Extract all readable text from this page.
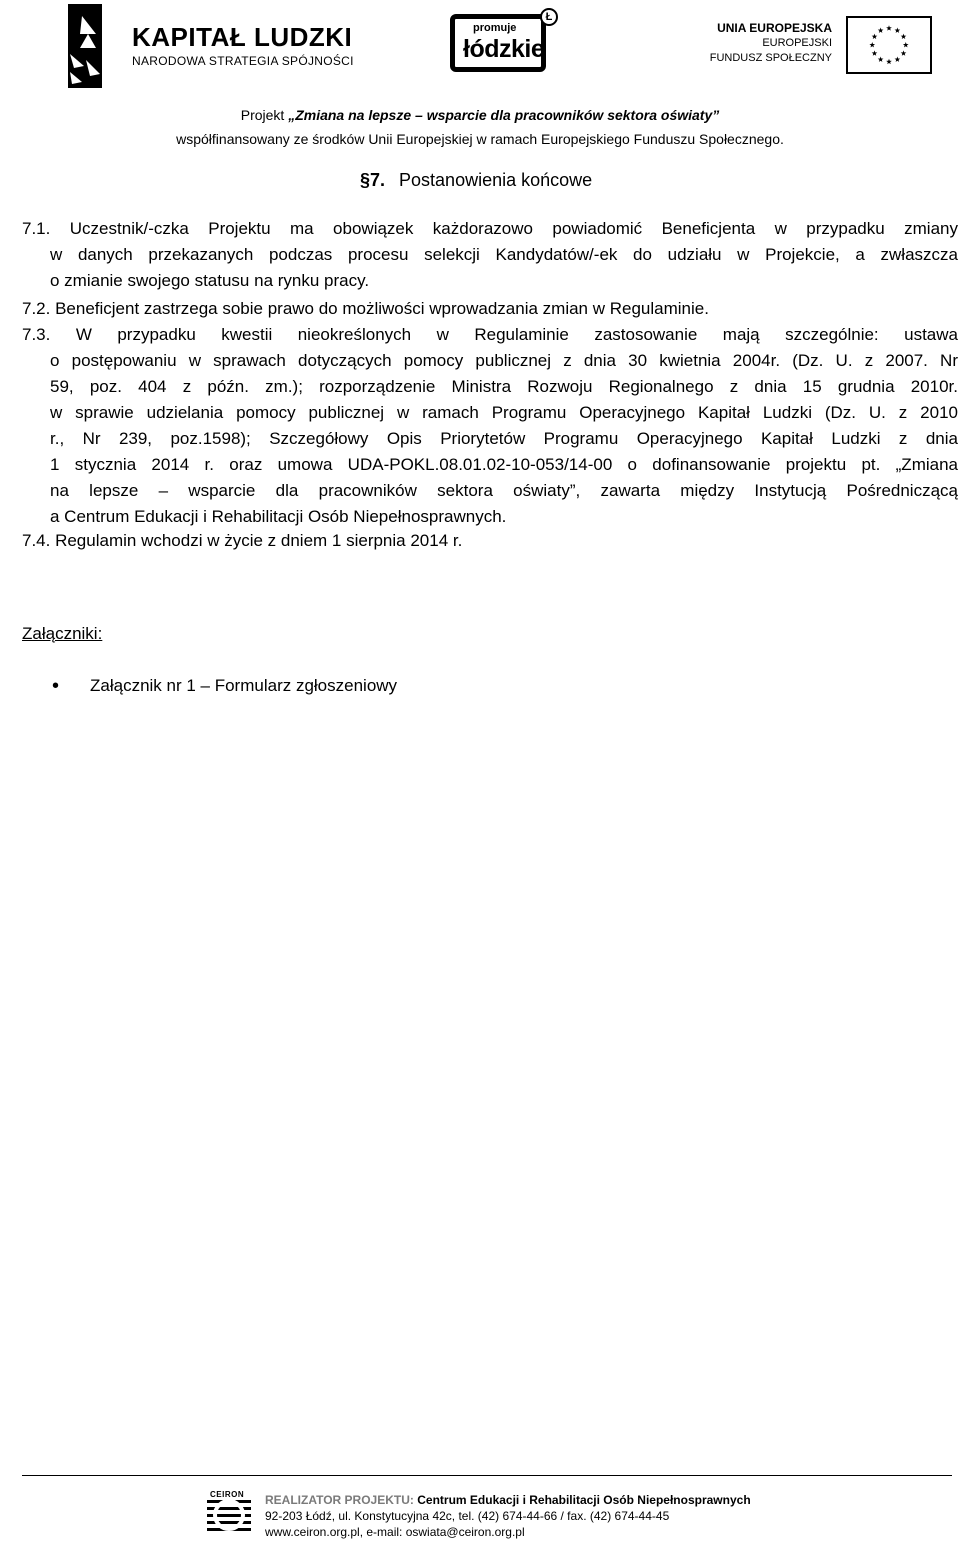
KAPITAŁ LUDZKI
NARODOWA STRATEGIA SPÓJNOŚCI
promuje
łódzkie
Ł
UNIA EUROPEJSKA
EUROPEJSKI
FUNDUSZ SPOŁECZNY
Projekt „Zmiana na lepsze – wsparcie dla pracowników sektora oświaty”
współfinansowany ze środków Unii Europejskiej w ramach Europejskiego Funduszu Społecznego.
§7. Postanowienia końcowe
7.1. Uczestnik/-czka Projektu ma obowiązek każdorazowo powiadomić Beneficjenta w przypadku zmiany
w danych przekazanych podczas procesu selekcji Kandydatów/-ek do udziału w Projekcie, a zwłaszcza
o zmianie swojego statusu na rynku pracy.
7.2. Beneficjent zastrzega sobie prawo do możliwości wprowadzania zmian w Regulaminie.
7.3. W przypadku kwestii nieokreślonych w Regulaminie zastosowanie mają szczególnie: ustawa
o postępowaniu w sprawach dotyczących pomocy publicznej z dnia 30 kwietnia 2004r. (Dz. U. z 2007. Nr
59, poz. 404 z późn. zm.); rozporządzenie Ministra Rozwoju Regionalnego z dnia 15 grudnia 2010r.
w sprawie udzielania pomocy publicznej w ramach Programu Operacyjnego Kapitał Ludzki (Dz. U. z 2010
r., Nr 239, poz.1598); Szczegółowy Opis Priorytetów Programu Operacyjnego Kapitał Ludzki z dnia
1 stycznia 2014 r. oraz umowa UDA-POKL.08.01.02-10-053/14-00 o dofinansowanie projektu pt. „Zmiana
na lepsze – wsparcie dla pracowników sektora oświaty”, zawarta między Instytucją Pośredniczącą
a Centrum Edukacji i Rehabilitacji Osób Niepełnosprawnych.
7.4. Regulamin wchodzi w życie z dniem 1 sierpnia 2014 r.
Załączniki:
• Załącznik nr 1 – Formularz zgłoszeniowy
CEIRON REALIZATOR PROJEKTU: Centrum Edukacji i Rehabilitacji Osób Niepełnosprawnych
92-203 Łódź, ul. Konstytucyjna 42c, tel. (42) 674-44-66 / fax. (42) 674-44-45
www.ceiron.org.pl, e-mail: oswiata@ceiron.org.pl
